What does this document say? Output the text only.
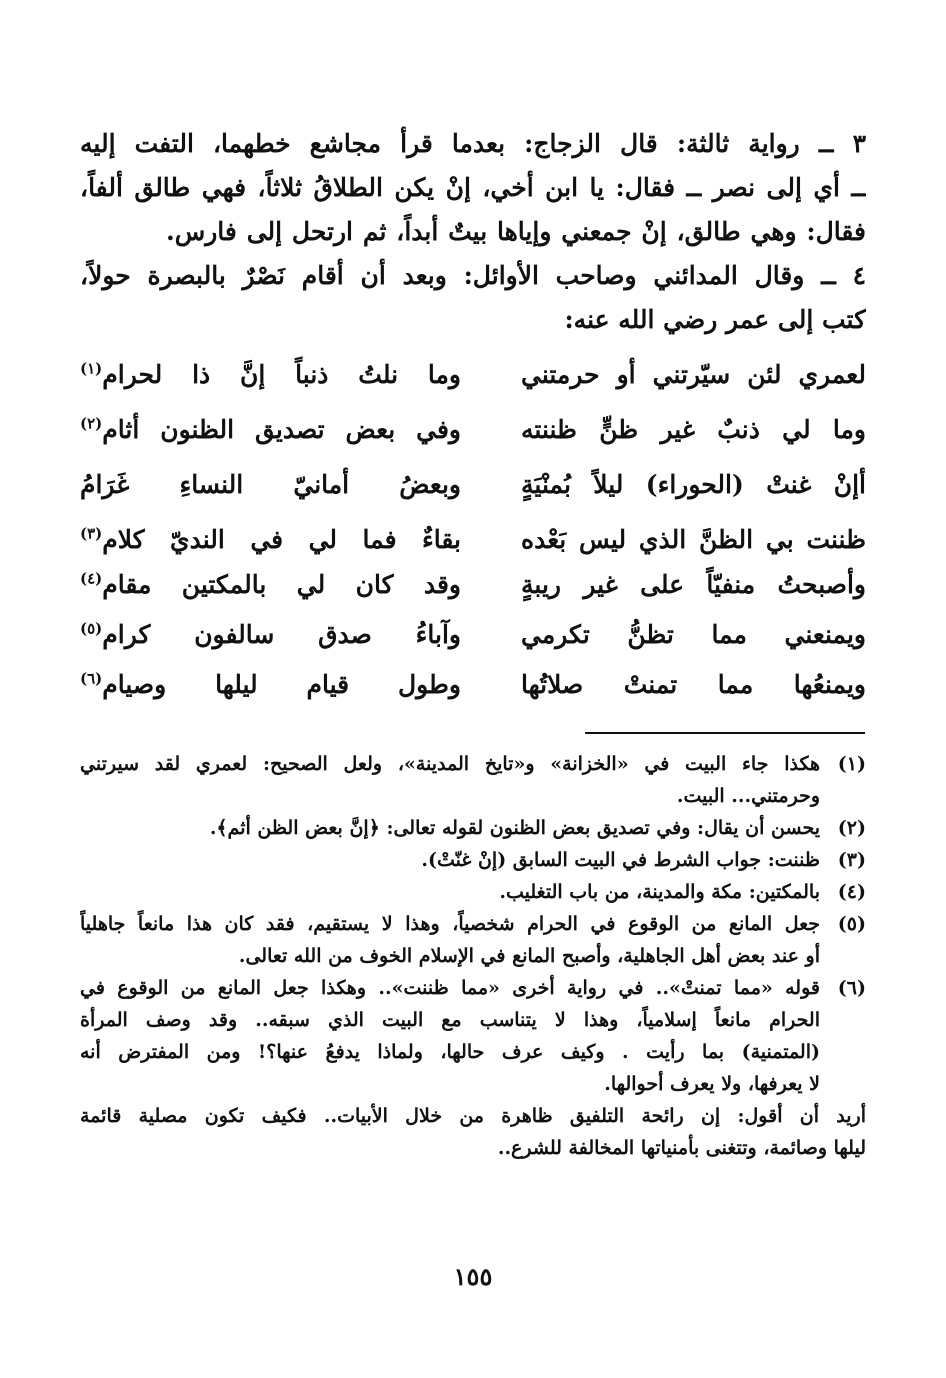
٣ ــ رواية ثالثة: قال الزجاج: بعدما قرأ مجاشع خطهما، التفت إليه
ــ أي إلى نصر ــ فقال: يا ابن أخي، إنْ يكن الطلاقُ ثلاثاً، فهي طالق ألفاً،
فقال: وهي طالق، إنْ جمعني وإياها بيتٌ أبداً، ثم ارتحل إلى فارس.
٤ ــ وقال المدائني وصاحب الأوائل: وبعد أن أقام نَصْرٌ بالبصرة حولاً،
كتب إلى عمر رضي الله عنه:
لعمري لئن سيّرتني أو حرمتني
وما نلتُ ذنباً إنَّ ذا لحرام$^{(١)}$
وما لي ذنبٌ غير ظنٍّ ظننته
وفي بعض تصديق الظنون أثام$^{(٢)}$
أإنْ غنتْ (الحوراء) ليلاً بُمنْيَةٍ
وبعضُ أمانيّ النساءِ غَرَامُ
ظننت بي الظنَّ الذي ليس بَعْده
بقاءٌ فما لي في النديّ كلام$^{(٣)}$
وأصبحتُ منفيّاً على غير ريبةٍ
وقد كان لي بالمكتين مقام$^{(٤)}$
ويمنعني مما تظنُّ تكرمي
وآباءُ صدق سالفون كرام$^{(٥)}$
ويمنعُها مما تمنتْ صلاتُها
وطول قيام ليلها وصيام$^{(٦)}$
(١)
هكذا جاء البيت في «الخزانة» و«تايخ المدينة»، ولعل الصحيح: لعمري لقد سيرتني
وحرمتني... البيت.
(٢)
يحسن أن يقال: وفي تصديق بعض الظنون لقوله تعالى: ﴿إنَّ بعض الظن أثم﴾.
(٣)
ظننت: جواب الشرط في البيت السابق (إنْ غنّتْ).
(٤)
بالمكتين: مكة والمدينة، من باب التغليب.
(٥)
جعل المانع من الوقوع في الحرام شخصياً، وهذا لا يستقيم، فقد كان هذا مانعاً جاهلياً
أو عند بعض أهل الجاهلية، وأصبح المانع في الإسلام الخوف من الله تعالى.
(٦)
قوله «مما تمنتْ».. في رواية أخرى «مما ظننت».. وهكذا جعل المانع من الوقوع في
الحرام مانعاً إسلامياً، وهذا لا يتناسب مع البيت الذي سبقه.. وقد وصف المرأة
(المتمنية) بما رأيت . وكيف عرف حالها، ولماذا يدفعُ عنها؟! ومن المفترض أنه
لا يعرفها، ولا يعرف أحوالها.
أريد أن أقول: إن رائحة التلفيق ظاهرة من خلال الأبيات.. فكيف تكون مصلية قائمة
ليلها وصائمة، وتتغنى بأمنياتها المخالفة للشرع..
١٥٥
